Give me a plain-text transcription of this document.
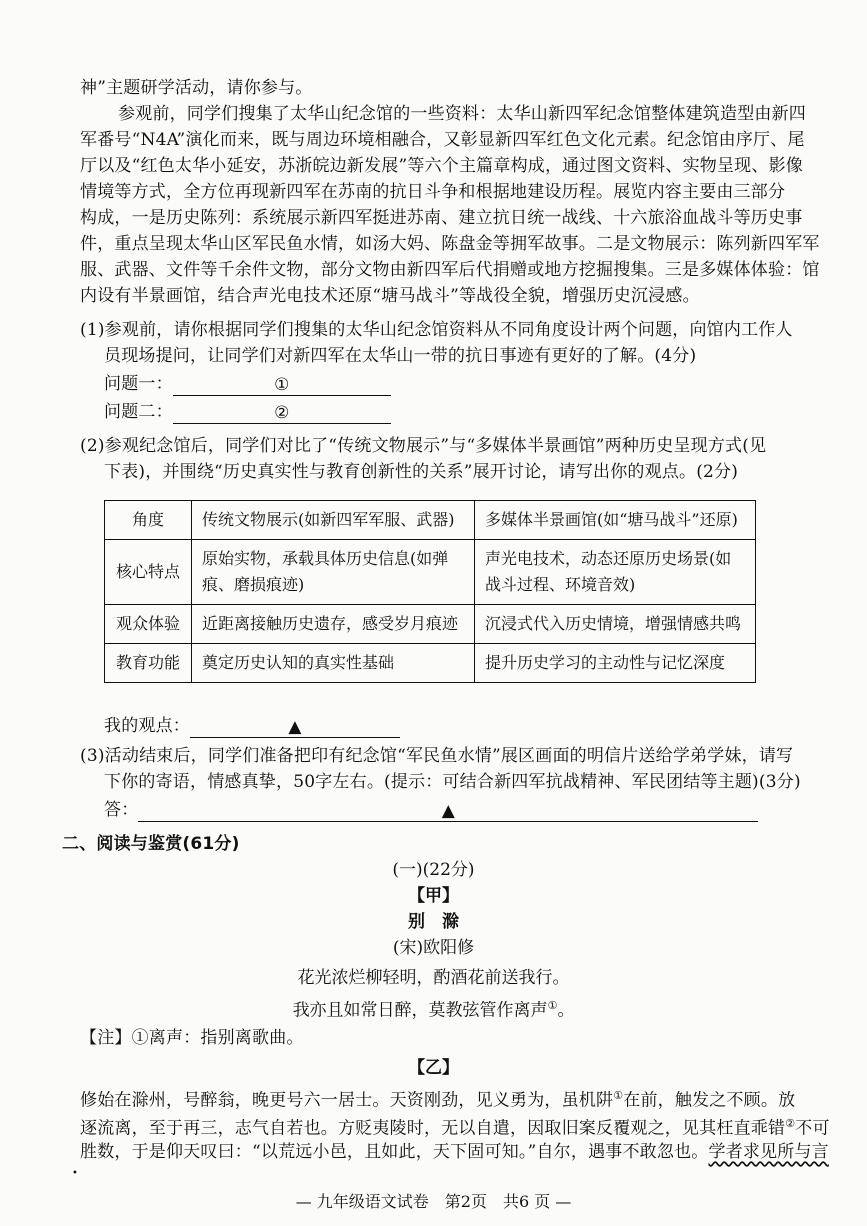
神”主题研学活动，请你参与。
参观前，同学们搜集了太华山纪念馆的一些资料：太华山新四军纪念馆整体建筑造型由新四
军番号“N4A”演化而来，既与周边环境相融合，又彰显新四军红色文化元素。纪念馆由序厅、尾
厅以及“红色太华小延安，苏浙皖边新发展”等六个主篇章构成，通过图文资料、实物呈现、影像
情境等方式，全方位再现新四军在苏南的抗日斗争和根据地建设历程。展览内容主要由三部分
构成，一是历史陈列：系统展示新四军挺进苏南、建立抗日统一战线、十六旅浴血战斗等历史事
件，重点呈现太华山区军民鱼水情，如汤大妈、陈盘金等拥军故事。二是文物展示：陈列新四军军
服、武器、文件等千余件文物，部分文物由新四军后代捐赠或地方挖掘搜集。三是多媒体体验：馆
内设有半景画馆，结合声光电技术还原“塘马战斗”等战役全貌，增强历史沉浸感。
(1)参观前，请你根据同学们搜集的太华山纪念馆资料从不同角度设计两个问题，向馆内工作人
员现场提问，让同学们对新四军在太华山一带的抗日事迹有更好的了解。(4分)
问题一：	①
问题二：	②
(2)参观纪念馆后，同学们对比了“传统文物展示”与“多媒体半景画馆”两种历史呈现方式(见
下表)，并围绕“历史真实性与教育创新性的关系”展开讨论，请写出你的观点。(2分)
角度	传统文物展示(如新四军军服、武器)	多媒体半景画馆(如“塘马战斗”还原)
核心特点	原始实物，承载具体历史信息(如弹痕、磨损痕迹)	声光电技术，动态还原历史场景(如战斗过程、环境音效)
观众体验	近距离接触历史遗存，感受岁月痕迹	沉浸式代入历史情境，增强情感共鸣
教育功能	奠定历史认知的真实性基础	提升历史学习的主动性与记忆深度
我的观点：	▲
(3)活动结束后，同学们准备把印有纪念馆“军民鱼水情”展区画面的明信片送给学弟学妹，请写
下你的寄语，情感真挚，50字左右。(提示：可结合新四军抗战精神、军民团结等主题)(3分)
答：	▲
二、阅读与鉴赏(61分)
(一)(22分)
【甲】
别　滁
(宋)欧阳修
花光浓烂柳轻明，酌酒花前送我行。
我亦且如常日醉，莫教弦管作离声①。
【注】①离声：指别离歌曲。
【乙】
修始在滁州，号醉翁，晚更号六一居士。天资刚劲，见义勇为，虽机阱①在前，触发之不顾。放
逐流离，至于再三，志气自若也。方贬夷陵时，无以自遣，因取旧案反覆观之，见其枉直乖错②不可
胜数，于是仰天叹曰：“以荒远小邑，且如此，天下固可知。”自尔，遇事不敢忽也。学者求见所与言
•
— 九年级语文试卷　第2页　共6 页 —
